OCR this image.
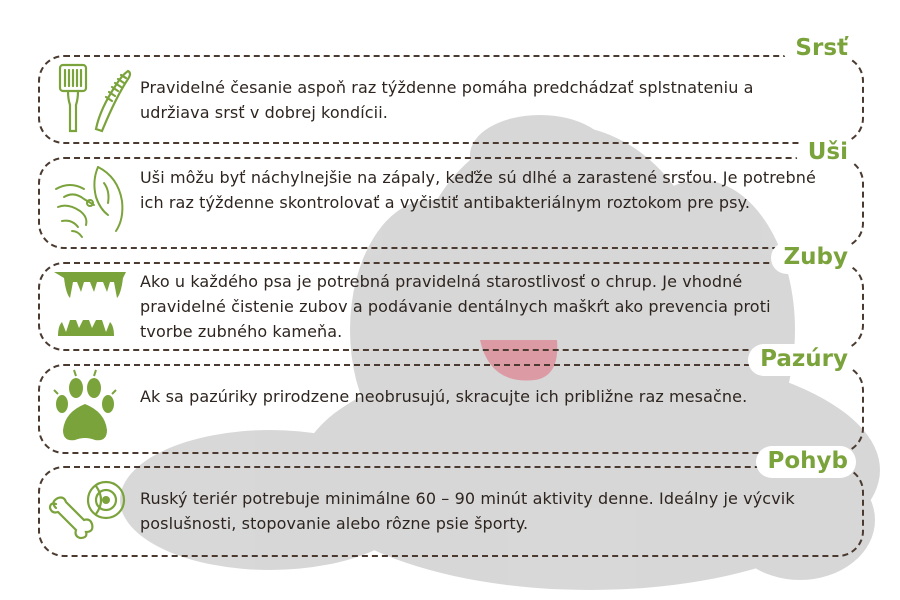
Pravidelné česanie aspoň raz týždenne pomáha predchádzať splstnateniu a udržiava srsť v dobrej kondícii.
Srsť
Uši môžu byť náchylnejšie na zápaly, keďže sú dlhé a zarastené srsťou. Je potrebné ich raz týždenne skontrolovať a vyčistiť antibakteriálnym roztokom pre psy.
Uši
Ako u každého psa je potrebná pravidelná starostlivosť o chrup. Je vhodné pravidelné čistenie zubov a podávanie dentálnych maškŕt ako prevencia proti tvorbe zubného kameňa.
Zuby
Ak sa pazúriky prirodzene neobrusujú, skracujte ich približne raz mesačne.
Pazúry
Ruský teriér potrebuje minimálne 60 – 90 minút aktivity denne. Ideálny je výcvik poslušnosti, stopovanie alebo rôzne psie športy.
Pohyb
